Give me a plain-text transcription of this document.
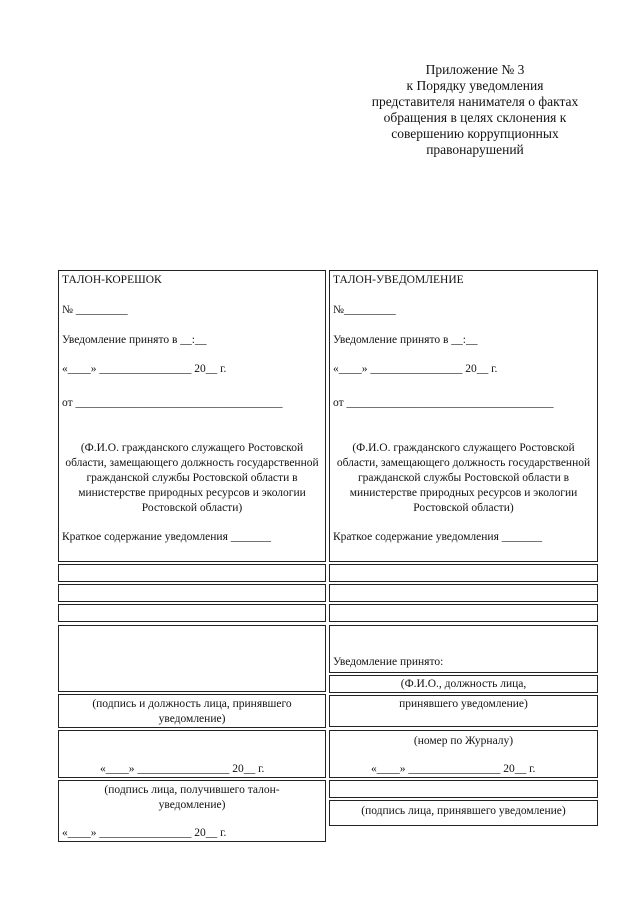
Приложение № 3
к Порядку уведомления
представителя нанимателя о фактах
обращения в целях склонения к
совершению коррупционных
правонарушений
ТАЛОН-КОРЕШОК
№ _________
Уведомление принято в __:__
«____» ________________ 20__ г.
от ____________________________________
(Ф.И.О. гражданского служащего Ростовской области, замещающего должность государственной гражданской службы Ростовской области в министерстве природных ресурсов и экологии Ростовской области)
Краткое содержание уведомления _______
(подпись и должность лица, принявшего уведомление)
«____» ________________ 20__ г.
(подпись лица, получившего талон-уведомление)
«____» ________________ 20__ г.
ТАЛОН-УВЕДОМЛЕНИЕ
№_________
Уведомление принято в __:__
«____» ________________ 20__ г.
от ____________________________________
(Ф.И.О. гражданского служащего Ростовской области, замещающего должность государственной гражданской службы Ростовской области в министерстве природных ресурсов и экологии Ростовской области)
Краткое содержание уведомления _______
Уведомление принято:
(Ф.И.О., должность лица,
принявшего уведомление)
(номер по Журналу)
«____» ________________ 20__ г.
(подпись лица, принявшего уведомление)
